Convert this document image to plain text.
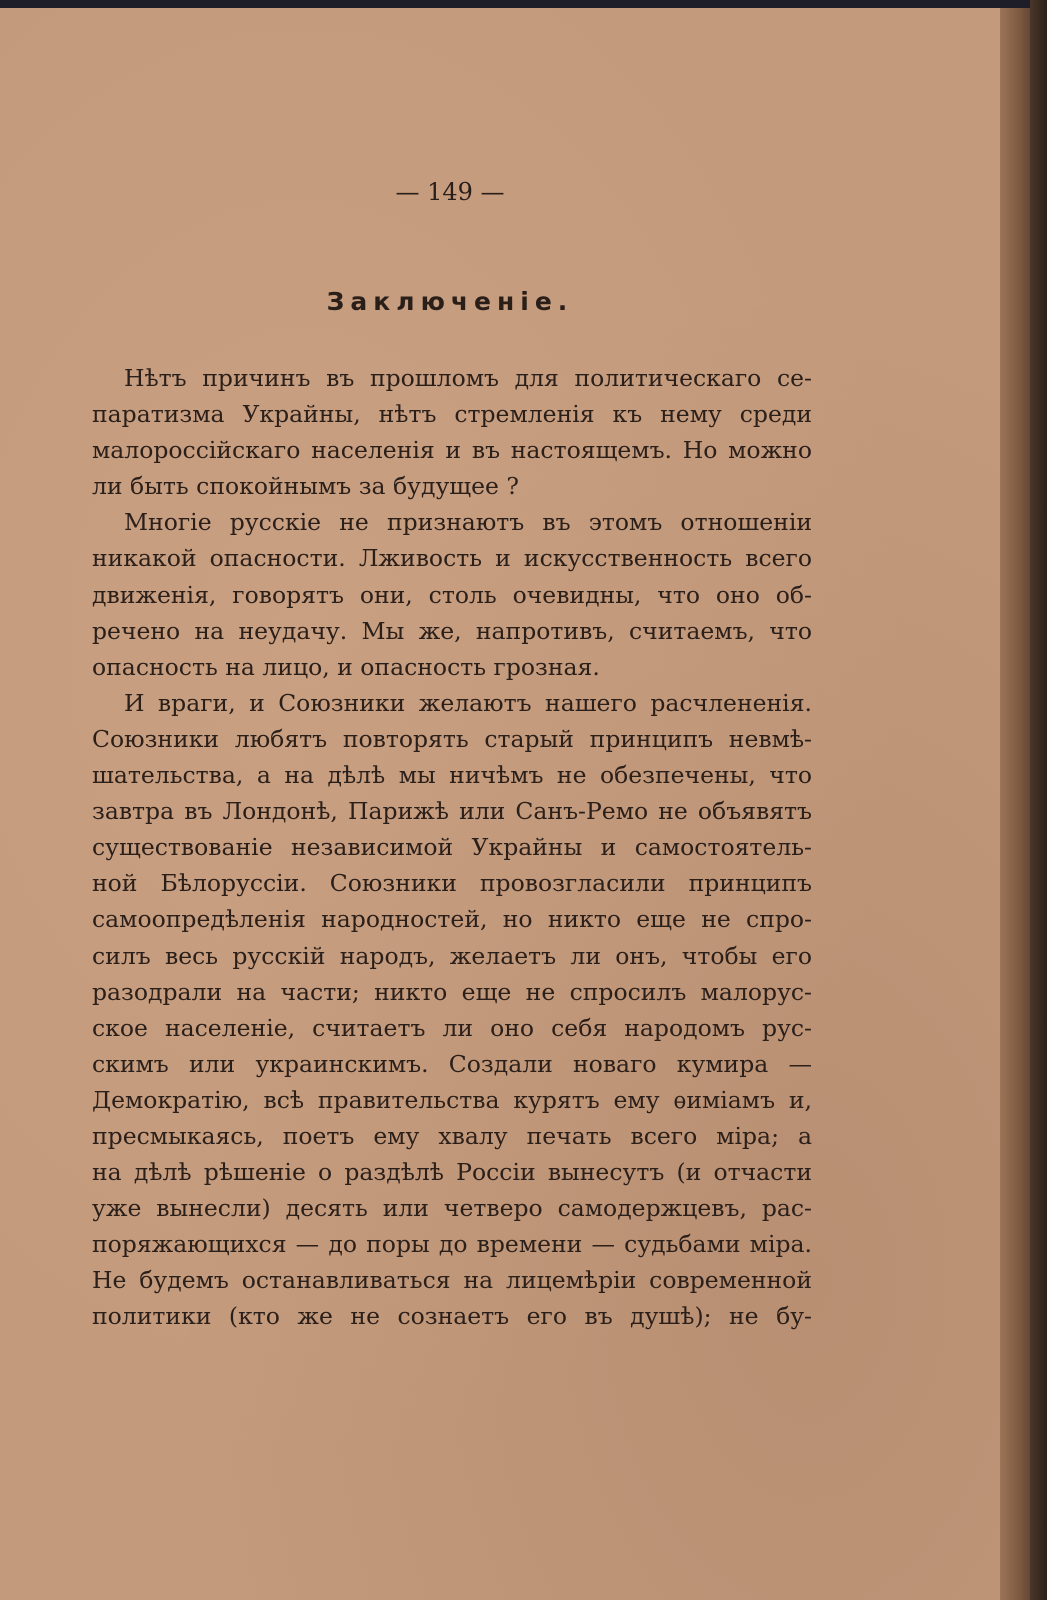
— 149 —
Заключеніе.
Нѣтъ причинъ въ прошломъ для политическаго се-
паратизма Украйны, нѣтъ стремленія къ нему среди
малороссійскаго населенія и въ настоящемъ. Но можно
ли быть спокойнымъ за будущее ?
Многіе русскіе не признаютъ въ этомъ отношеніи
никакой опасности. Лживость и искусственность всего
движенія, говорятъ они, столь очевидны, что оно об-
речено на неудачу. Мы же, напротивъ, считаемъ, что
опасность на лицо, и опасность грозная.
И враги, и Союзники желаютъ нашего расчлененія.
Союзники любятъ повторять старый принципъ невмѣ-
шательства, а на дѣлѣ мы ничѣмъ не обезпечены, что
завтра въ Лондонѣ, Парижѣ или Санъ-Ремо не объявятъ
существованіе независимой Украйны и самостоятель-
ной Бѣлоруссіи. Союзники провозгласили принципъ
самоопредѣленія народностей, но никто еще не спро-
силъ весь русскій народъ, желаетъ ли онъ, чтобы его
разодрали на части; никто еще не спросилъ малорус-
ское населеніе, считаетъ ли оно себя народомъ рус-
скимъ или украинскимъ. Создали новаго кумира —
Демократію, всѣ правительства курятъ ему ѳиміамъ и,
пресмыкаясь, поетъ ему хвалу печать всего міра; а
на дѣлѣ рѣшеніе о раздѣлѣ Россіи вынесутъ (и отчасти
уже вынесли) десять или четверо самодержцевъ, рас-
поряжающихся — до поры до времени — судьбами міра.
Не будемъ останавливаться на лицемѣріи современной
политики (кто же не сознаетъ его въ душѣ); не бу-
